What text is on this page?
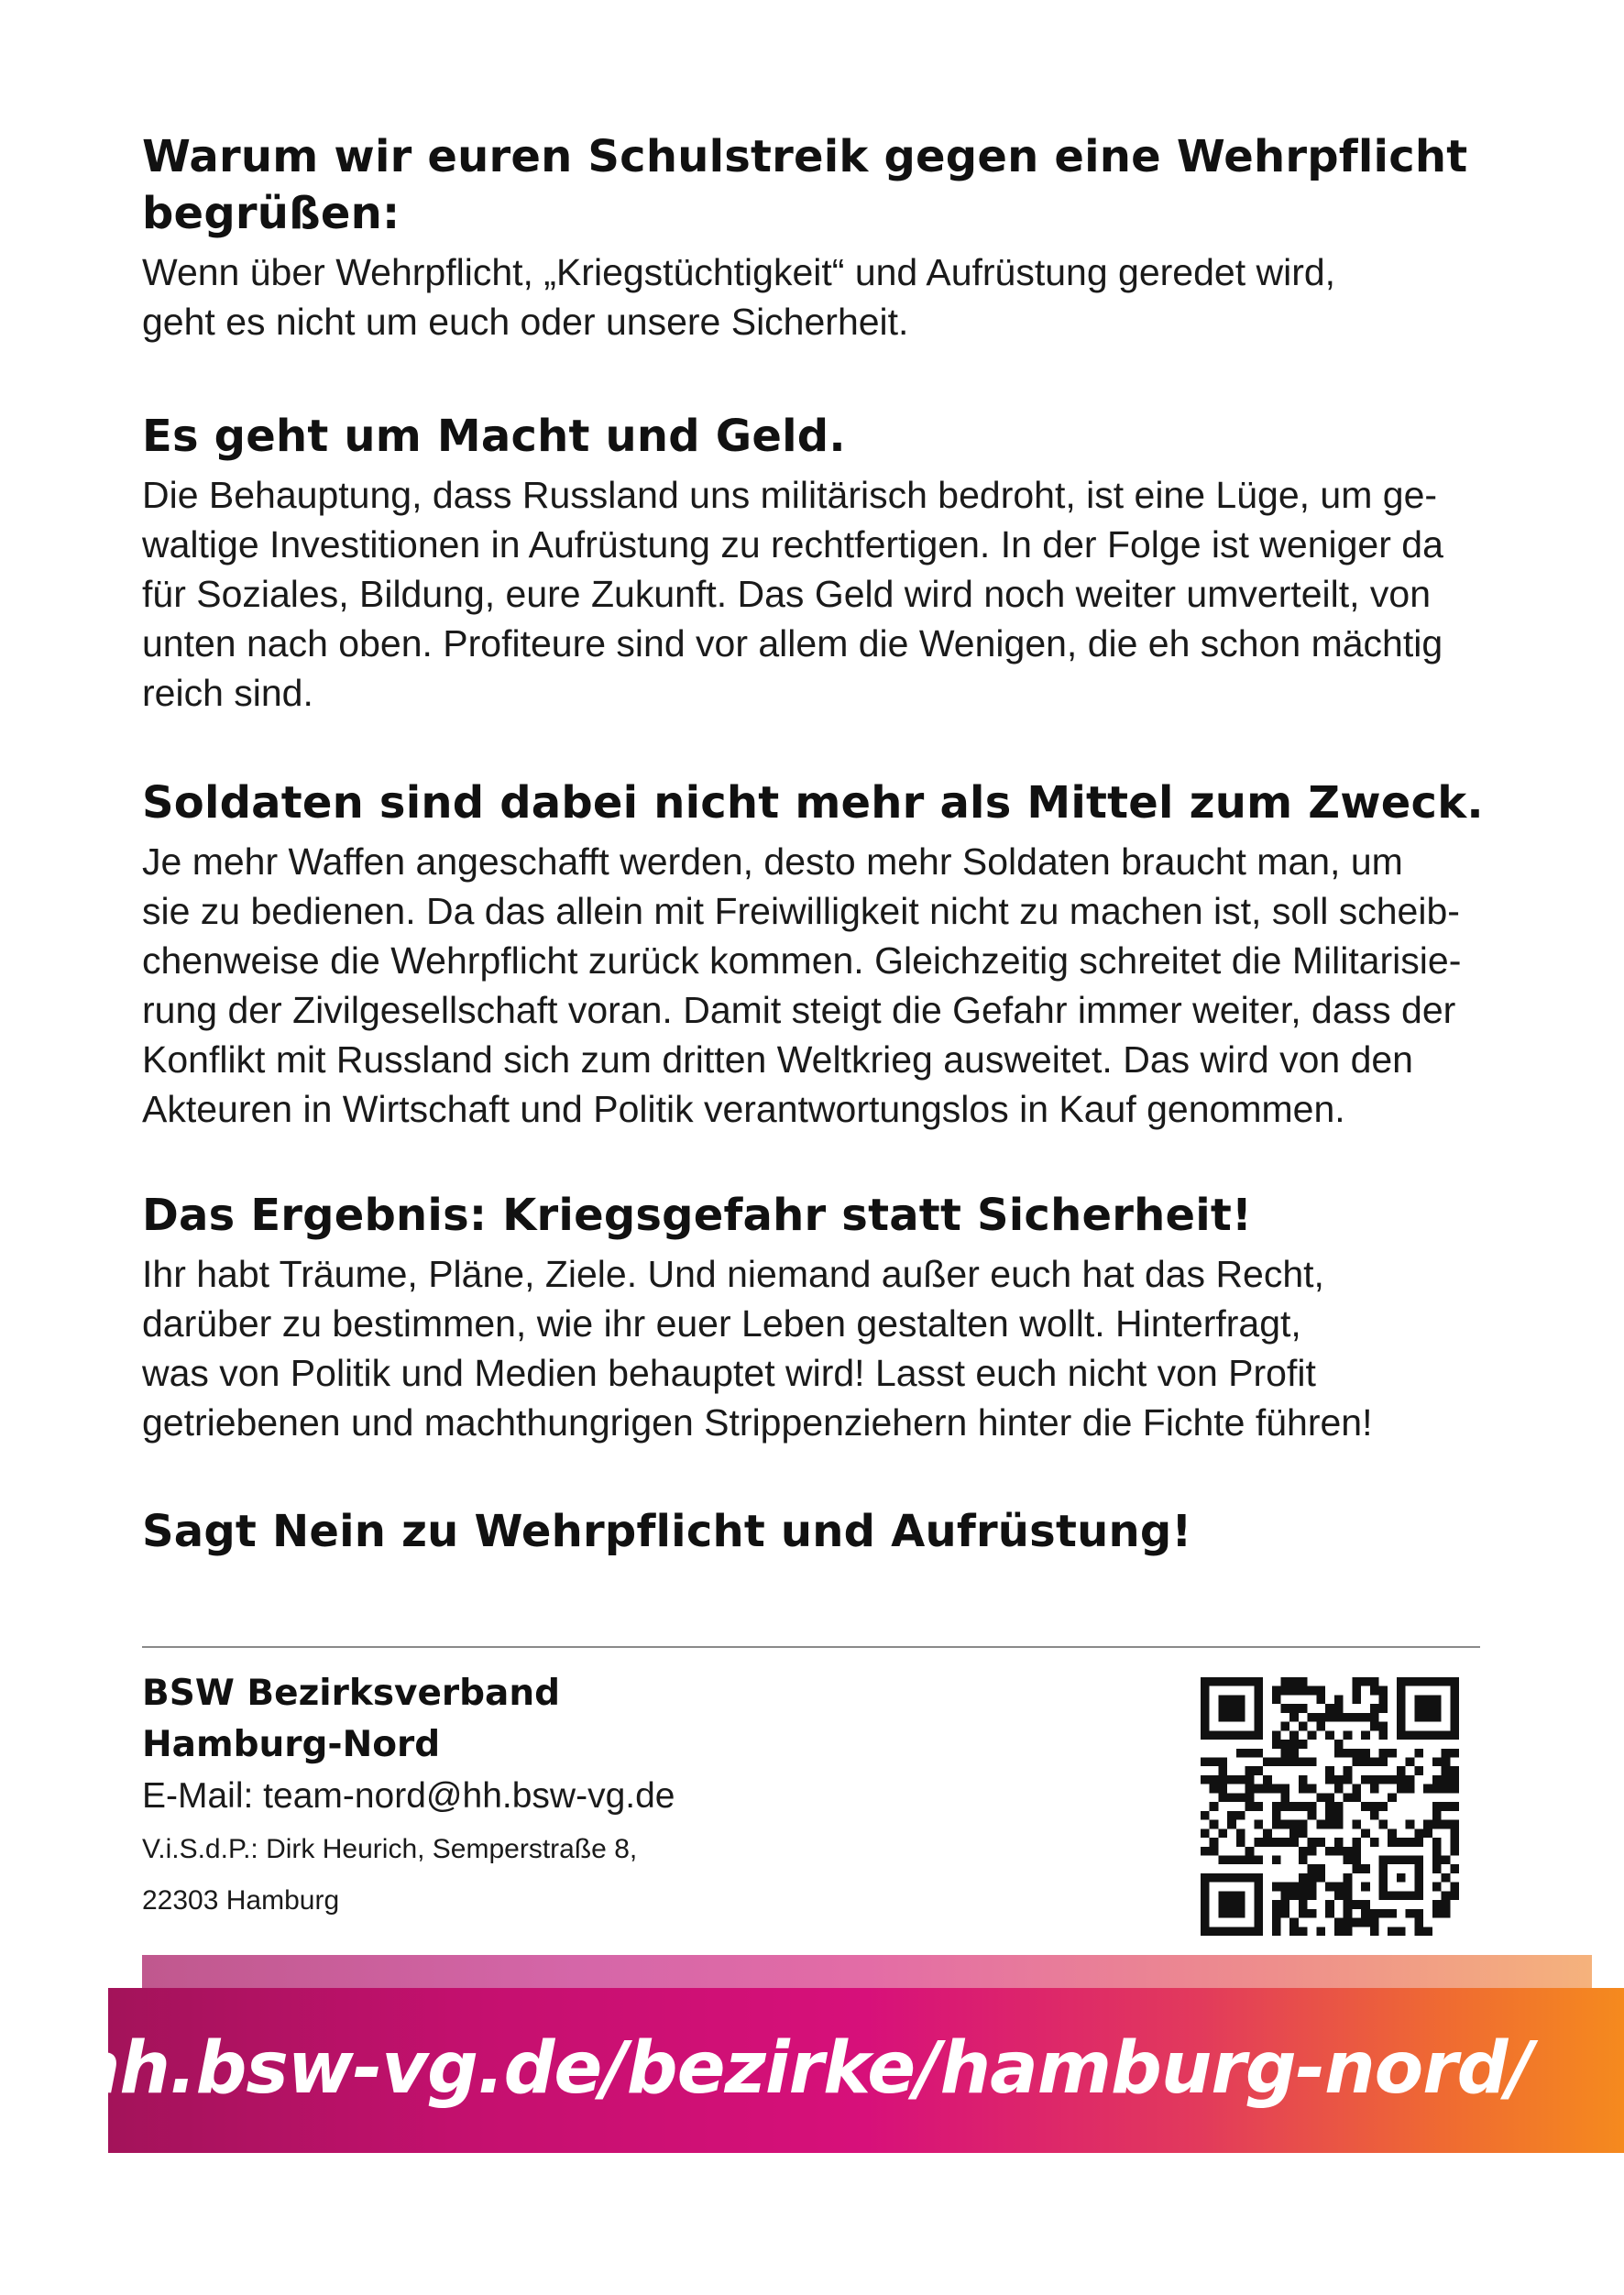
Warum wir euren Schulstreik gegen eine Wehrpflicht
begrüßen:

Wenn über Wehrpflicht, „Kriegstüchtigkeit“ und Aufrüstung geredet wird,
geht es nicht um euch oder unsere Sicherheit.

Es geht um Macht und Geld.

Die Behauptung, dass Russland uns militärisch bedroht, ist eine Lüge, um ge-
waltige Investitionen in Aufrüstung zu rechtfertigen. In der Folge ist weniger da
für Soziales, Bildung, eure Zukunft. Das Geld wird noch weiter umverteilt, von
unten nach oben. Profiteure sind vor allem die Wenigen, die eh schon mächtig
reich sind.

Soldaten sind dabei nicht mehr als Mittel zum Zweck.

Je mehr Waffen angeschafft werden, desto mehr Soldaten braucht man, um
sie zu bedienen. Da das allein mit Freiwilligkeit nicht zu machen ist, soll scheib-
chenweise die Wehrpflicht zurück kommen. Gleichzeitig schreitet die Militarisie-
rung der Zivilgesellschaft voran. Damit steigt die Gefahr immer weiter, dass der
Konflikt mit Russland sich zum dritten Weltkrieg ausweitet. Das wird von den
Akteuren in Wirtschaft und Politik verantwortungslos in Kauf genommen.

Das Ergebnis: Kriegsgefahr statt Sicherheit!

Ihr habt Träume, Pläne, Ziele. Und niemand außer euch hat das Recht,
darüber zu bestimmen, wie ihr euer Leben gestalten wollt. Hinterfragt,
was von Politik und Medien behauptet wird! Lasst euch nicht von Profit
getriebenen und machthungrigen Strippenziehern hinter die Fichte führen!

Sagt Nein zu Wehrpflicht und Aufrüstung!
BSW Bezirksverband
Hamburg-Nord
E-Mail: team-nord@hh.bsw-vg.de
V.i.S.d.P.: Dirk Heurich, Semperstraße 8,
22303 Hamburg
hh.bsw-vg.de/bezirke/hamburg-nord/
